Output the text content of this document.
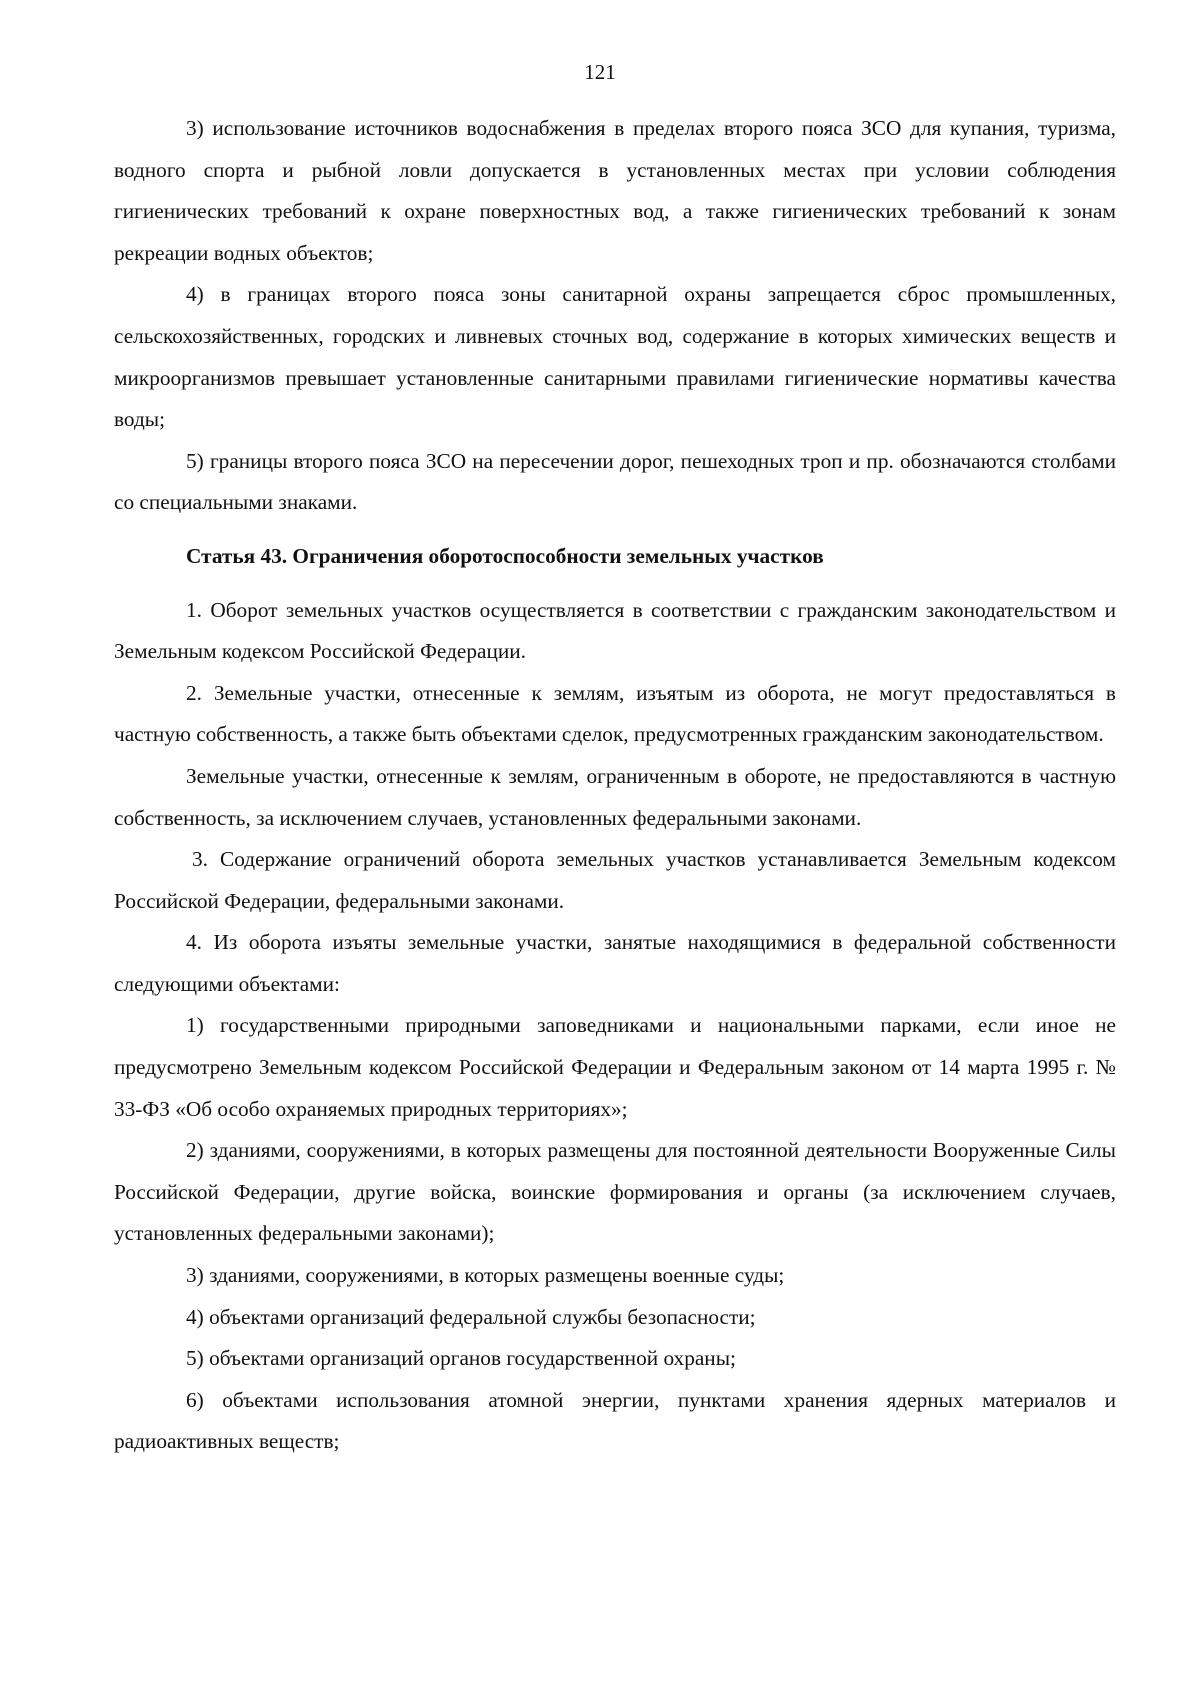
121

3) использование источников водоснабжения в пределах второго пояса ЗСО для купания, туризма, водного спорта и рыбной ловли допускается в установленных местах при условии соблюдения гигиенических требований к охране поверхностных вод, а также гигиенических требований к зонам рекреации водных объектов;

4) в границах второго пояса зоны санитарной охраны запрещается сброс промышленных, сельскохозяйственных, городских и ливневых сточных вод, содержание в которых химических веществ и микроорганизмов превышает установленные санитарными правилами гигиенические нормативы качества воды;

5) границы второго пояса ЗСО на пересечении дорог, пешеходных троп и пр. обозначаются столбами со специальными знаками.

Статья 43. Ограничения оборотоспособности земельных участков

1. Оборот земельных участков осуществляется в соответствии с гражданским законодательством и Земельным кодексом Российской Федерации.

2. Земельные участки, отнесенные к землям, изъятым из оборота, не могут предоставляться в частную собственность, а также быть объектами сделок, предусмотренных гражданским законодательством.

Земельные участки, отнесенные к землям, ограниченным в обороте, не предоставляются в частную собственность, за исключением случаев, установленных федеральными законами.

3. Содержание ограничений оборота земельных участков устанавливается Земельным кодексом Российской Федерации, федеральными законами.

4. Из оборота изъяты земельные участки, занятые находящимися в федеральной собственности следующими объектами:

1) государственными природными заповедниками и национальными парками, если иное не предусмотрено Земельным кодексом Российской Федерации и Федеральным законом от 14 марта 1995 г. № 33-ФЗ «Об особо охраняемых природных территориях»;

2) зданиями, сооружениями, в которых размещены для постоянной деятельности Вооруженные Силы Российской Федерации, другие войска, воинские формирования и органы (за исключением случаев, установленных федеральными законами);

3) зданиями, сооружениями, в которых размещены военные суды;

4) объектами организаций федеральной службы безопасности;

5) объектами организаций органов государственной охраны;

6) объектами использования атомной энергии, пунктами хранения ядерных материалов и радиоактивных веществ;
